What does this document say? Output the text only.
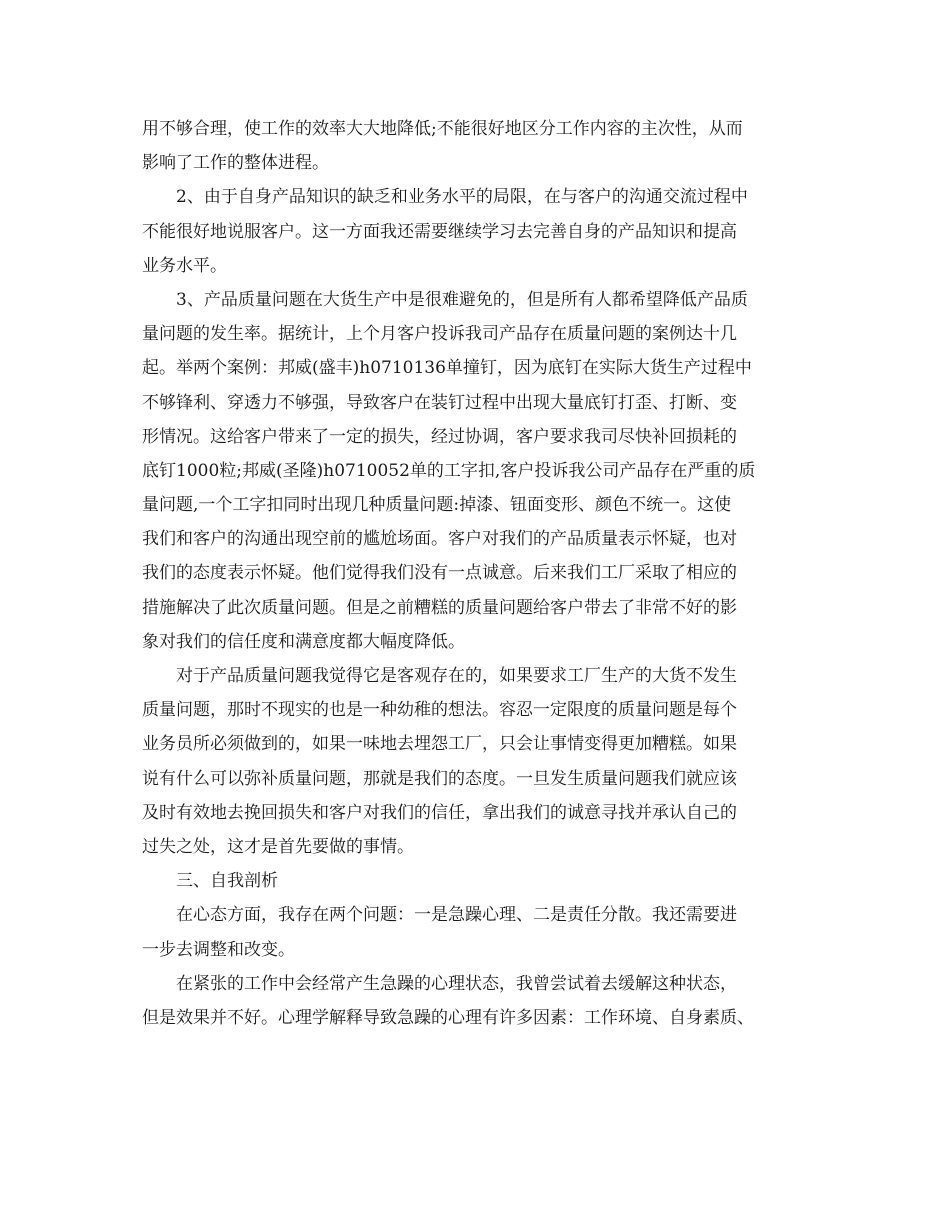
用不够合理，使工作的效率大大地降低;不能很好地区分工作内容的主次性，从而
影响了工作的整体进程。
2、由于自身产品知识的缺乏和业务水平的局限，在与客户的沟通交流过程中
不能很好地说服客户。这一方面我还需要继续学习去完善自身的产品知识和提高
业务水平。
3、产品质量问题在大货生产中是很难避免的，但是所有人都希望降低产品质
量问题的发生率。据统计，上个月客户投诉我司产品存在质量问题的案例达十几
起。举两个案例：邦威(盛丰)h0710136单撞钉，因为底钉在实际大货生产过程中
不够锋利、穿透力不够强，导致客户在装钉过程中出现大量底钉打歪、打断、变
形情况。这给客户带来了一定的损失，经过协调，客户要求我司尽快补回损耗的
底钉1000粒;邦威(圣隆)h0710052单的工字扣,客户投诉我公司产品存在严重的质
量问题,一个工字扣同时出现几种质量问题:掉漆、钮面变形、颜色不统一。这使
我们和客户的沟通出现空前的尴尬场面。客户对我们的产品质量表示怀疑，也对
我们的态度表示怀疑。他们觉得我们没有一点诚意。后来我们工厂采取了相应的
措施解决了此次质量问题。但是之前糟糕的质量问题给客户带去了非常不好的影
象对我们的信任度和满意度都大幅度降低。
对于产品质量问题我觉得它是客观存在的，如果要求工厂生产的大货不发生
质量问题，那时不现实的也是一种幼稚的想法。容忍一定限度的质量问题是每个
业务员所必须做到的，如果一味地去埋怨工厂，只会让事情变得更加糟糕。如果
说有什么可以弥补质量问题，那就是我们的态度。一旦发生质量问题我们就应该
及时有效地去挽回损失和客户对我们的信任，拿出我们的诚意寻找并承认自己的
过失之处，这才是首先要做的事情。
三、自我剖析
在心态方面，我存在两个问题：一是急躁心理、二是责任分散。我还需要进
一步去调整和改变。
在紧张的工作中会经常产生急躁的心理状态，我曾尝试着去缓解这种状态，
但是效果并不好。心理学解释导致急躁的心理有许多因素：工作环境、自身素质、
